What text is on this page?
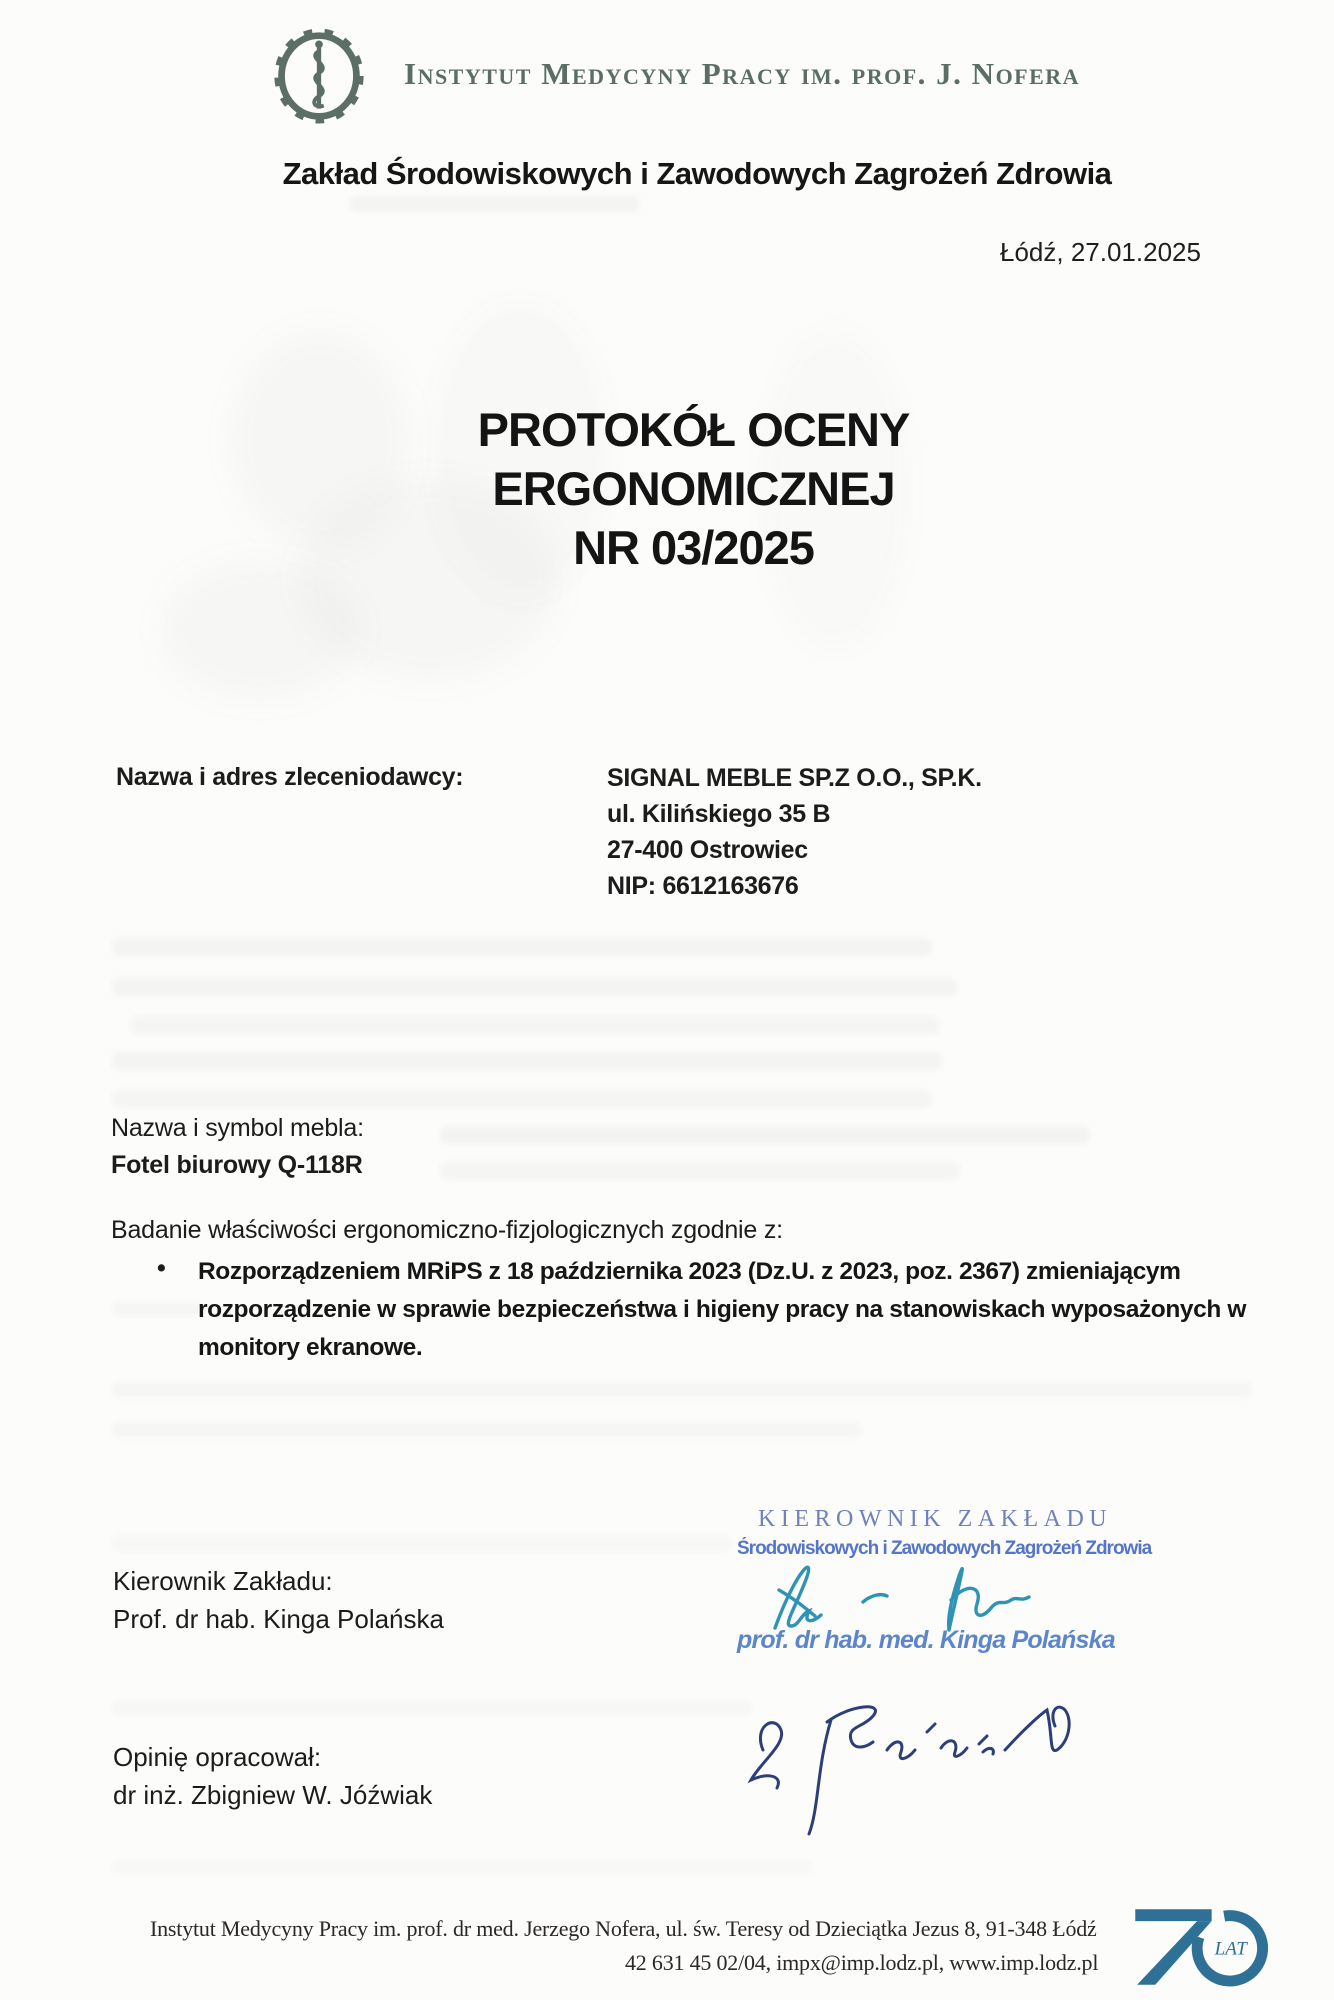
Instytut Medycyny Pracy im. prof. J. Nofera
Zakład Środowiskowych i Zawodowych Zagrożeń Zdrowia
Łódź, 27.01.2025
PROTOKÓŁ OCENY
ERGONOMICZNEJ
NR 03/2025
Nazwa i adres zleceniodawcy:	SIGNAL MEBLE SP.Z O.O., SP.K.
ul. Kilińskiego 35 B
27-400 Ostrowiec
NIP: 6612163676
Nazwa i symbol mebla:
Fotel biurowy Q-118R
Badanie właściwości ergonomiczno-fizjologicznych zgodnie z:
• Rozporządzeniem MRiPS z 18 października 2023 (Dz.U. z 2023, poz. 2367) zmieniającym rozporządzenie w sprawie bezpieczeństwa i higieny pracy na stanowiskach wyposażonych w monitory ekranowe.
Kierownik Zakładu:
Prof. dr hab. Kinga Polańska
Opinię opracował:
dr inż. Zbigniew W. Jóźwiak
KIEROWNIK ZAKŁADU
Środowiskowych i Zawodowych Zagrożeń Zdrowia
prof. dr hab. med. Kinga Polańska
Instytut Medycyny Pracy im. prof. dr med. Jerzego Nofera, ul. św. Teresy od Dzieciątka Jezus 8, 91-348 Łódź
42 631 45 02/04, impx@imp.lodz.pl, www.imp.lodz.pl
LAT
